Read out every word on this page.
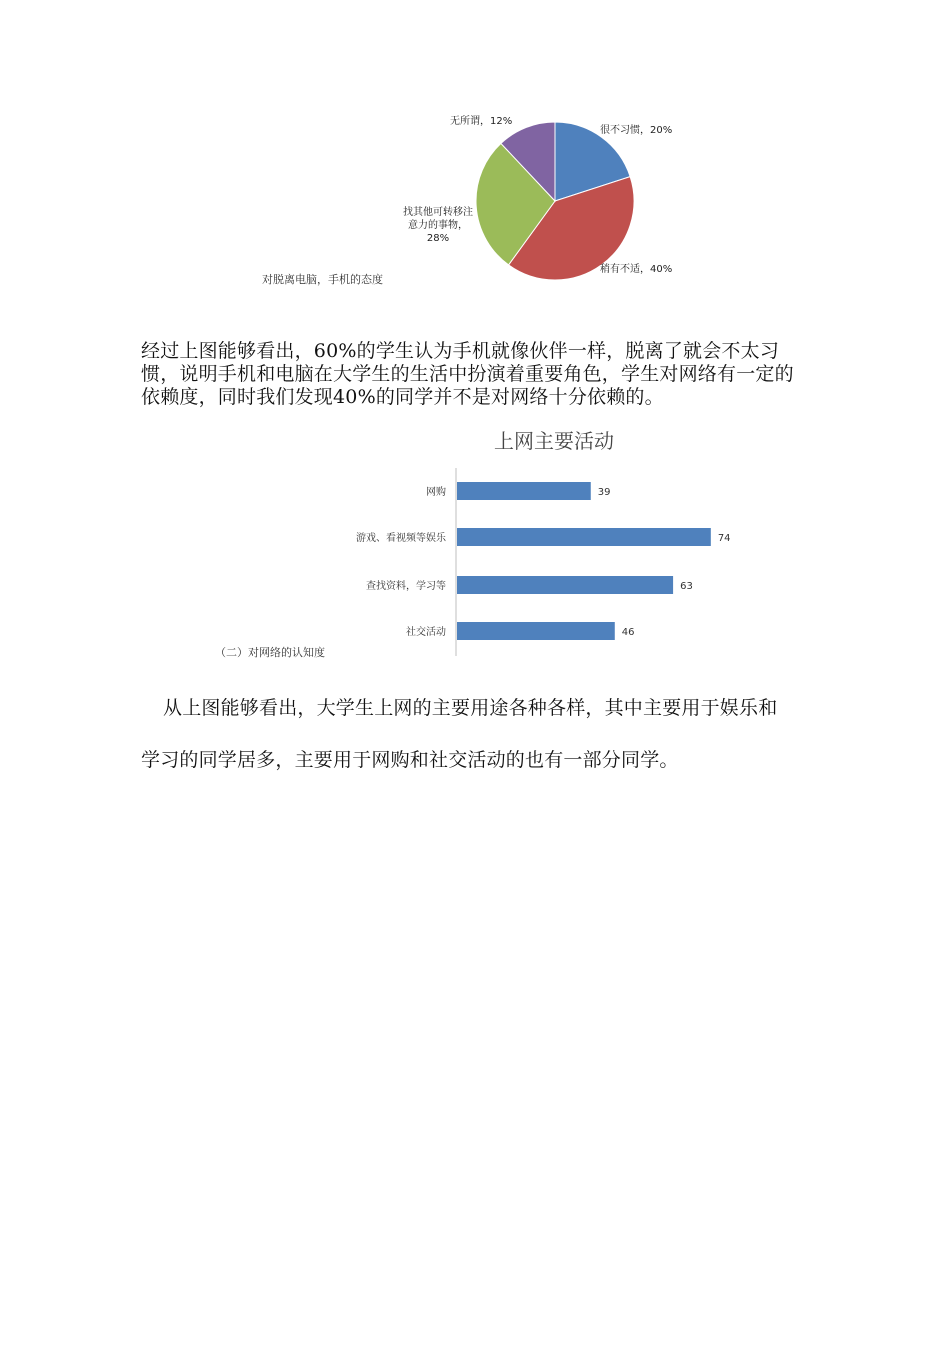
很不习惯，20%
稍有不适，40%
找其他可转移注
意力的事物，
28%
无所谓，12%
对脱离电脑，手机的态度
经过上图能够看出，60%的学生认为手机就像伙伴一样，脱离了就会不太习惯，说明手机和电脑在大学生的生活中扮演着重要角色，学生对网络有一定的依赖度，同时我们发现40%的同学并不是对网络十分依赖的。
上网主要活动
网购	39
游戏、看视频等娱乐	74
查找资料，学习等	63
社交活动	46
（二）对网络的认知度
从上图能够看出，大学生上网的主要用途各种各样，其中主要用于娱乐和
学习的同学居多，主要用于网购和社交活动的也有一部分同学。
